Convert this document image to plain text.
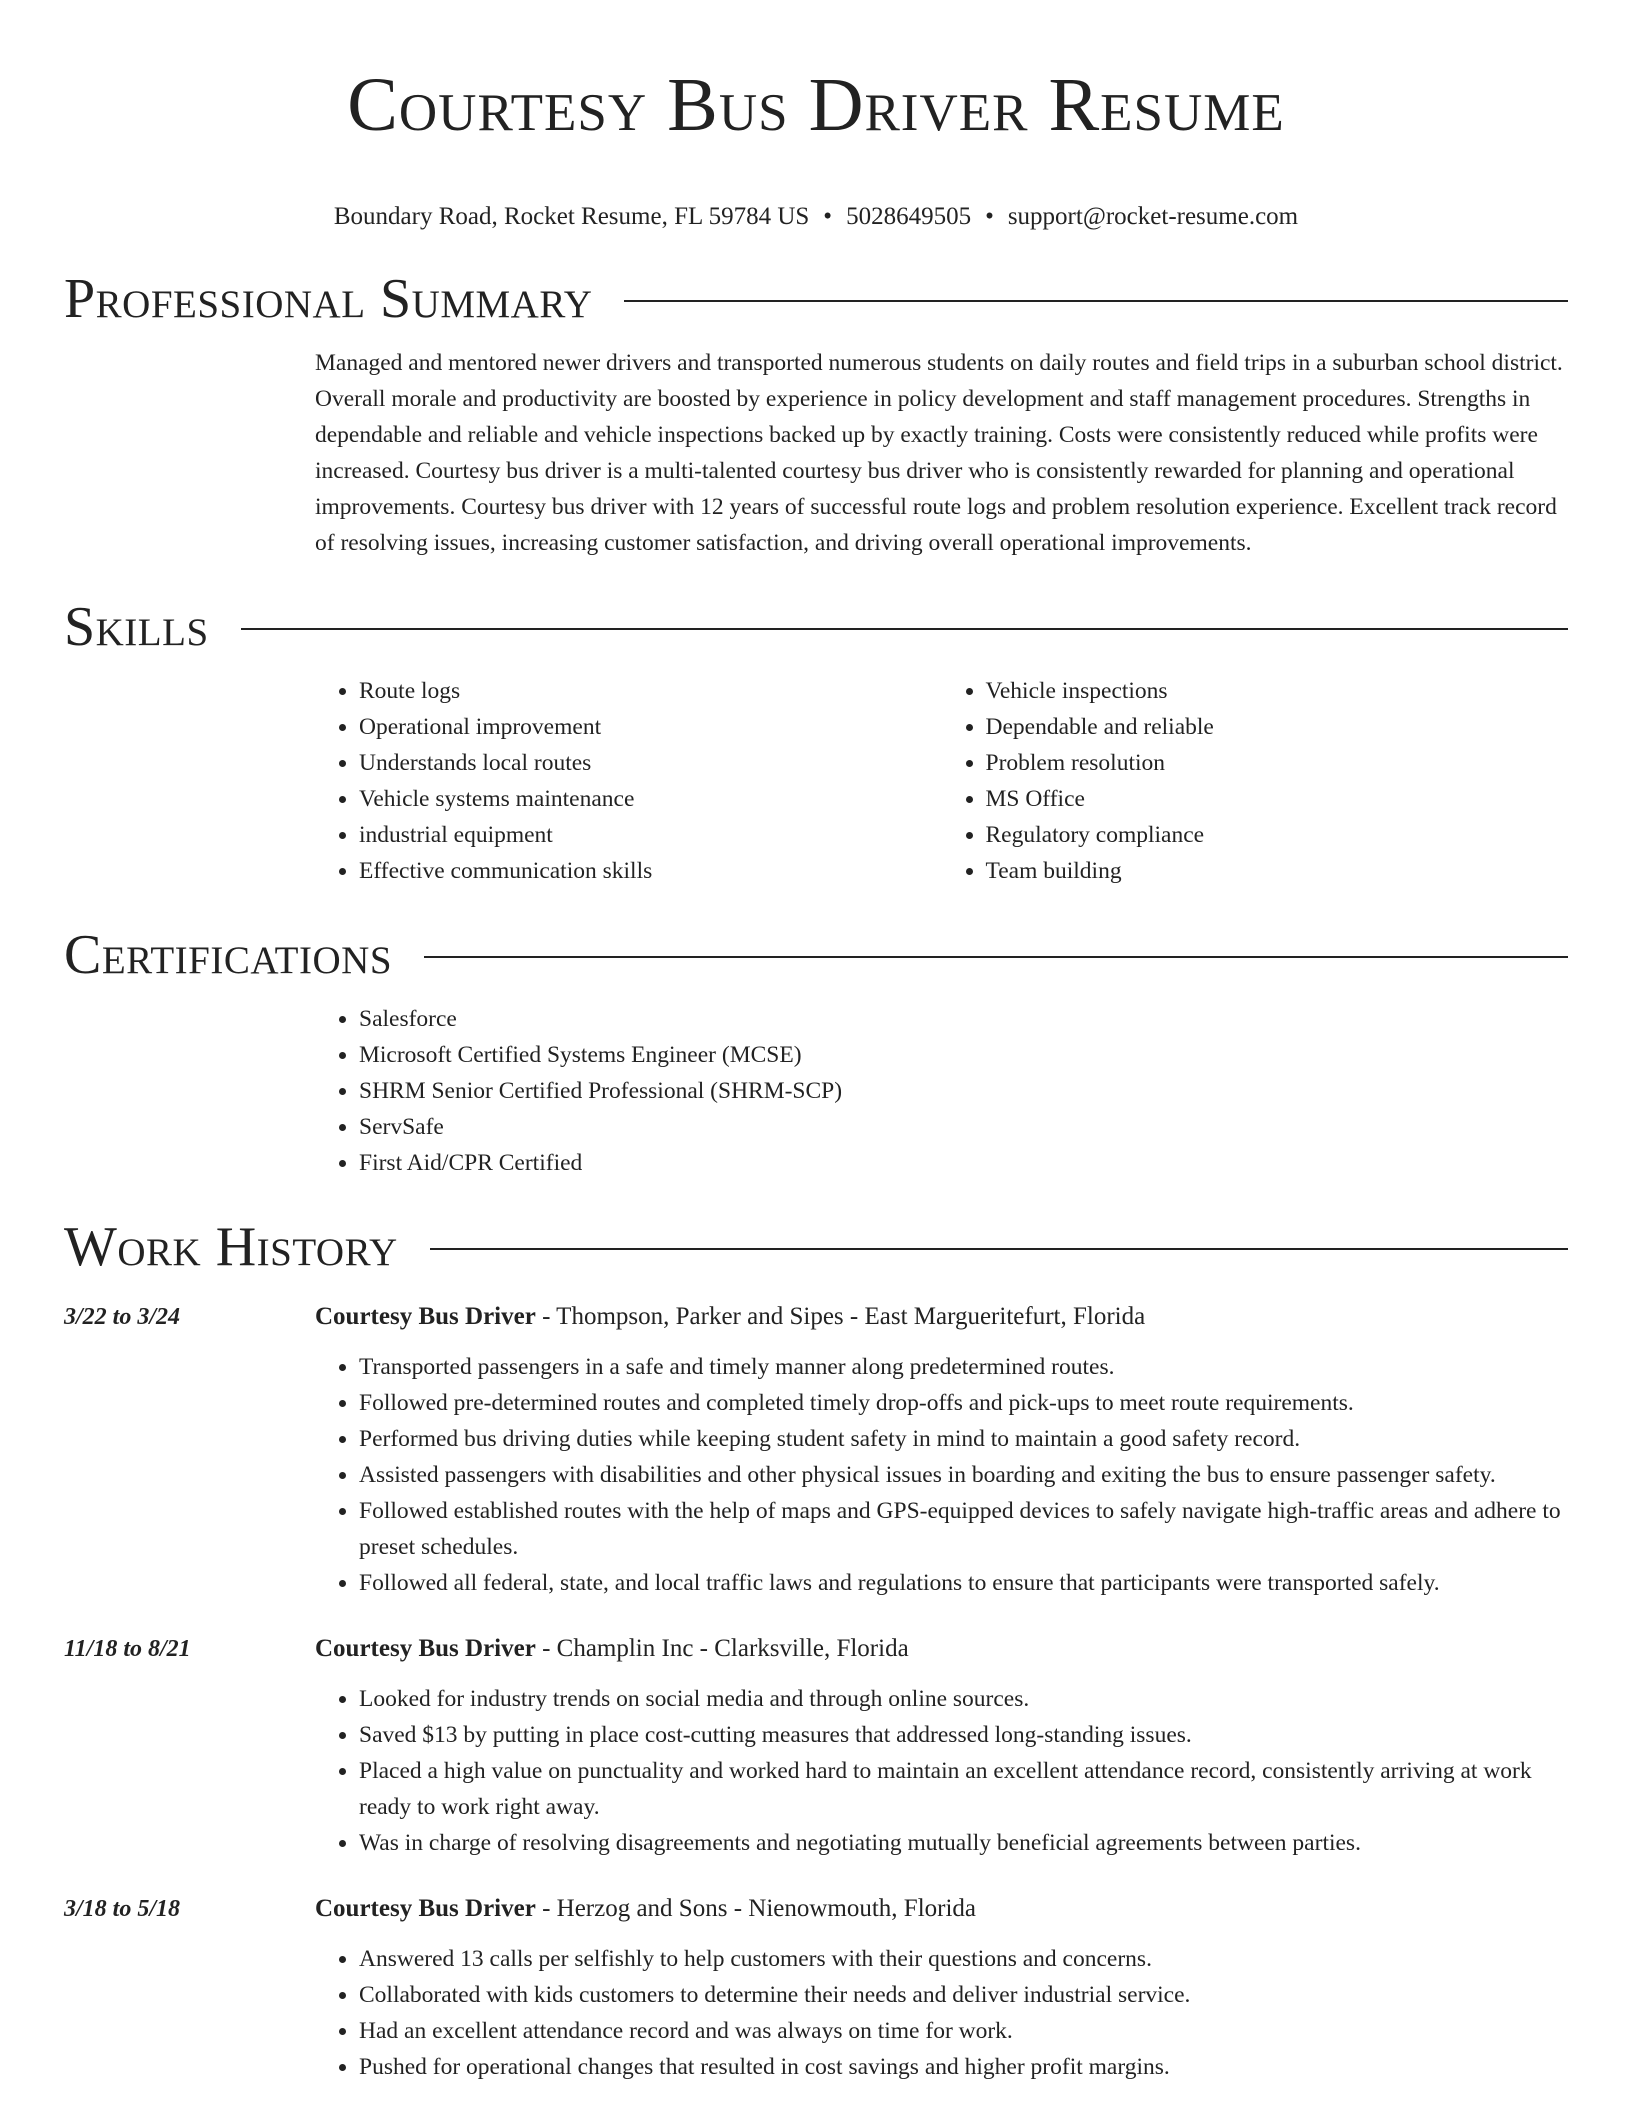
Courtesy Bus Driver Resume
Boundary Road, Rocket Resume, FL 59784 US • 5028649505 • support@rocket-resume.com
Professional Summary
Managed and mentored newer drivers and transported numerous students on daily routes and field trips in a suburban school district. Overall morale and productivity are boosted by experience in policy development and staff management procedures. Strengths in dependable and reliable and vehicle inspections backed up by exactly training. Costs were consistently reduced while profits were increased. Courtesy bus driver is a multi-talented courtesy bus driver who is consistently rewarded for planning and operational improvements. Courtesy bus driver with 12 years of successful route logs and problem resolution experience. Excellent track record of resolving issues, increasing customer satisfaction, and driving overall operational improvements.
Skills
• Route logs
• Operational improvement
• Understands local routes
• Vehicle systems maintenance
• industrial equipment
• Effective communication skills
• Vehicle inspections
• Dependable and reliable
• Problem resolution
• MS Office
• Regulatory compliance
• Team building
Certifications
• Salesforce
• Microsoft Certified Systems Engineer (MCSE)
• SHRM Senior Certified Professional (SHRM-SCP)
• ServSafe
• First Aid/CPR Certified
Work History
3/22 to 3/24	Courtesy Bus Driver - Thompson, Parker and Sipes - East Margueritefurt, Florida
• Transported passengers in a safe and timely manner along predetermined routes.
• Followed pre-determined routes and completed timely drop-offs and pick-ups to meet route requirements.
• Performed bus driving duties while keeping student safety in mind to maintain a good safety record.
• Assisted passengers with disabilities and other physical issues in boarding and exiting the bus to ensure passenger safety.
• Followed established routes with the help of maps and GPS-equipped devices to safely navigate high-traffic areas and adhere to preset schedules.
• Followed all federal, state, and local traffic laws and regulations to ensure that participants were transported safely.
11/18 to 8/21	Courtesy Bus Driver - Champlin Inc - Clarksville, Florida
• Looked for industry trends on social media and through online sources.
• Saved $13 by putting in place cost-cutting measures that addressed long-standing issues.
• Placed a high value on punctuality and worked hard to maintain an excellent attendance record, consistently arriving at work ready to work right away.
• Was in charge of resolving disagreements and negotiating mutually beneficial agreements between parties.
3/18 to 5/18	Courtesy Bus Driver - Herzog and Sons - Nienowmouth, Florida
• Answered 13 calls per selfishly to help customers with their questions and concerns.
• Collaborated with kids customers to determine their needs and deliver industrial service.
• Had an excellent attendance record and was always on time for work.
• Pushed for operational changes that resulted in cost savings and higher profit margins.
